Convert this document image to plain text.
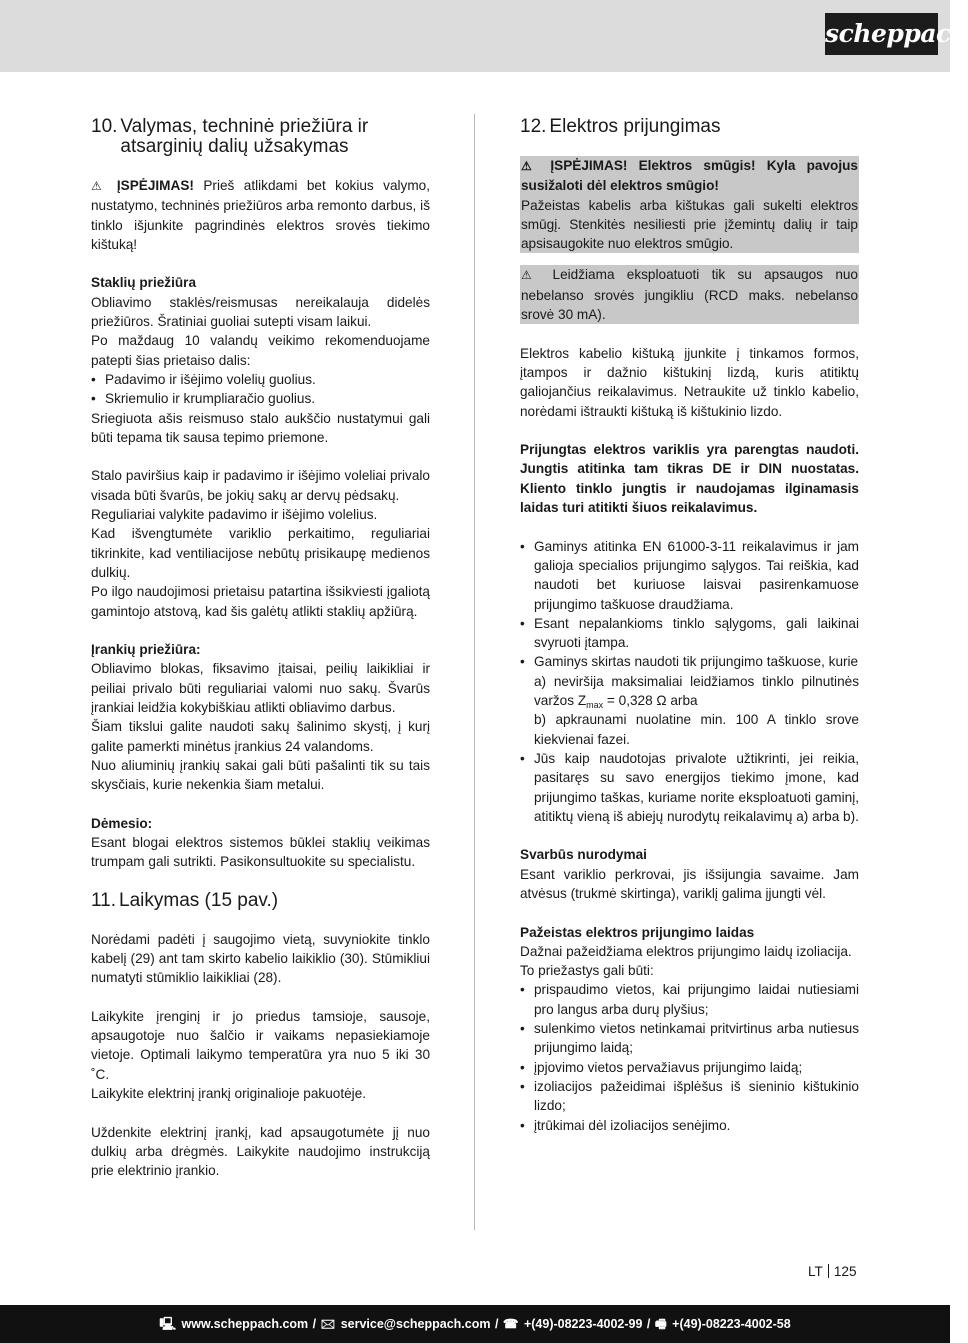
scheppach
10. Valymas, techninė priežiūra ir atsarginių dalių užsakymas

⚠ ĮSPĖJIMAS! Prieš atlikdami bet kokius valymo, nustatymo, techninės priežiūros arba remonto darbus, iš tinklo išjunkite pagrindinės elektros srovės tiekimo kištuką!

Staklių priežiūra

Obliavimo staklės/reismusas nereikalauja didelės priežiūros. Šratiniai guoliai sutepti visam laikui.

Po maždaug 10 valandų veikimo rekomenduojame patepti šias prietaiso dalis:

• Padavimo ir išėjimo volelių guolius.
• Skriemulio ir krumpliaračio guolius.

Sriegiuota ašis reismuso stalo aukščio nustatymui gali būti tepama tik sausa tepimo priemone.

Stalo paviršius kaip ir padavimo ir išėjimo voleliai privalo visada būti švarūs, be jokių sakų ar dervų pėdsakų.

Reguliariai valykite padavimo ir išėjimo volelius.

Kad išvengtumėte variklio perkaitimo, reguliariai tikrinkite, kad ventiliacijose nebūtų prisikaupę medienos dulkių.

Po ilgo naudojimosi prietaisu patartina išsikviesti įgaliotą gamintojo atstovą, kad šis galėtų atlikti staklių apžiūrą.

Įrankių priežiūra:

Obliavimo blokas, fiksavimo įtaisai, peilių laikikliai ir peiliai privalo būti reguliariai valomi nuo sakų. Švarūs įrankiai leidžia kokybiškiau atlikti obliavimo darbus.

Šiam tikslui galite naudoti sakų šalinimo skystį, į kurį galite pamerkti minėtus įrankius 24 valandoms.

Nuo aliuminių įrankių sakai gali būti pašalinti tik su tais skysčiais, kurie nekenkia šiam metalui.

Dėmesio:

Esant blogai elektros sistemos būklei staklių veikimas trumpam gali sutrikti. Pasikonsultuokite su specialistu.

11. Laikymas (15 pav.)

Norėdami padėti į saugojimo vietą, suvyniokite tinklo kabelį (29) ant tam skirto kabelio laikiklio (30). Stūmikliui numatyti stūmiklio laikikliai (28).

Laikykite įrenginį ir jo priedus tamsioje, sausoje, apsaugotoje nuo šalčio ir vaikams nepasiekiamoje vietoje. Optimali laikymo temperatūra yra nuo 5 iki 30 ˚C.

Laikykite elektrinį įrankį originalioje pakuotėje.

Uždenkite elektrinį įrankį, kad apsaugotumėte jį nuo dulkių arba drėgmės. Laikykite naudojimo instrukciją prie elektrinio įrankio.

12. Elektros prijungimas

⚠ ĮSPĖJIMAS! Elektros smūgis! Kyla pavojus susižaloti dėl elektros smūgio!

Pažeistas kabelis arba kištukas gali sukelti elektros smūgį. Stenkitės nesiliesti prie įžemintų dalių ir taip apsisaugokite nuo elektros smūgio.

⚠ Leidžiama eksploatuoti tik su apsaugos nuo nebelanso srovės jungikliu (RCD maks. nebelanso srovė 30 mA).

Elektros kabelio kištuką įjunkite į tinkamos formos, įtampos ir dažnio kištukinį lizdą, kuris atitiktų galiojančius reikalavimus. Netraukite už tinklo kabelio, norėdami ištraukti kištuką iš kištukinio lizdo.

Prijungtas elektros variklis yra parengtas naudoti. Jungtis atitinka tam tikras DE ir DIN nuostatas. Kliento tinklo jungtis ir naudojamas ilginamasis laidas turi atitikti šiuos reikalavimus.

• Gaminys atitinka EN 61000-3-11 reikalavimus ir jam galioja specialios prijungimo sąlygos. Tai reiškia, kad naudoti bet kuriuose laisvai pasirenkamuose prijungimo taškuose draudžiama.
• Esant nepalankioms tinklo sąlygoms, gali laikinai svyruoti įtampa.
• Gaminys skirtas naudoti tik prijungimo taškuose, kurie
a) neviršija maksimaliai leidžiamos tinklo pilnutinės varžos $Z_{max} = 0,328$ Ω arba
b) apkraunami nuolatine min. 100 A tinklo srove kiekvienai fazei.
• Jūs kaip naudotojas privalote užtikrinti, jei reikia, pasitaręs su savo energijos tiekimo įmone, kad prijungimo taškas, kuriame norite eksploatuoti gaminį, atitiktų vieną iš abiejų nurodytų reikalavimų a) arba b).

Svarbūs nurodymai

Esant variklio perkrovai, jis išsijungia savaime. Jam atvėsus (trukmė skirtinga), variklį galima įjungti vėl.

Pažeistas elektros prijungimo laidas

Dažnai pažeidžiama elektros prijungimo laidų izoliacija.

To priežastys gali būti:

• prispaudimo vietos, kai prijungimo laidai nutiesiami pro langus arba durų plyšius;
• sulenkimo vietos netinkamai pritvirtinus arba nutiesus prijungimo laidą;
• įpjovimo vietos pervažiavus prijungimo laidą;
• izoliacijos pažeidimai išplėšus iš sieninio kištukinio lizdo;
• įtrūkimai dėl izoliacijos senėjimo.
LT 125
🖳 www.scheppach.com / 🖂 service@scheppach.com / ☎ +(49)-08223-4002-99 / 🖷 +(49)-08223-4002-58
